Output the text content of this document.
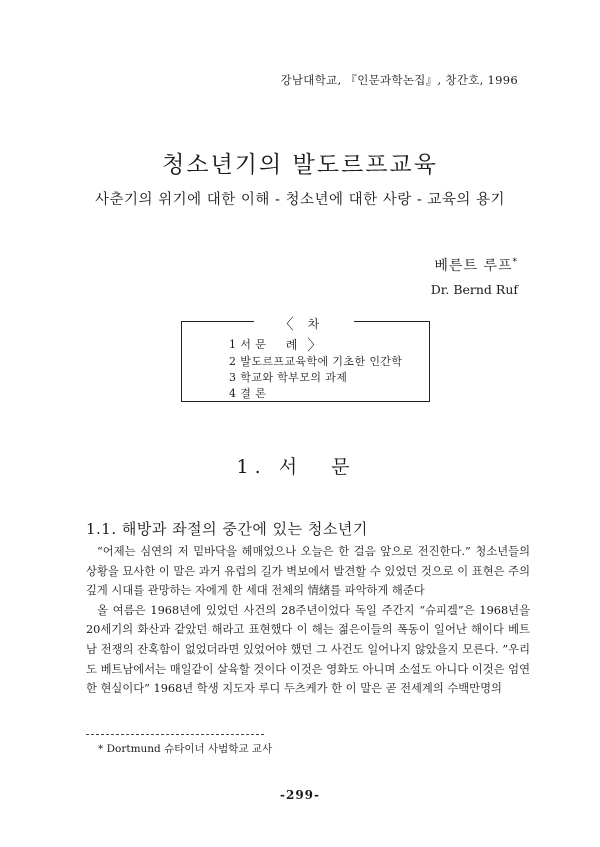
강남대학교, 『인문과학논집』, 창간호, 1996
청소년기의 발도르프교육
사춘기의 위기에 대한 이해 - 청소년에 대한 사랑 - 교육의 용기
베른트 루프*
Dr. Bernd Ruf
〈 차 례〉
1 서 문
2 발도르프교육학에 기초한 인간학
3 학교와 학부모의 과제
4 결 론
1. 서 문
1.1. 해방과 좌절의 중간에 있는 청소년기

“어제는 심연의 저 밑바닥을 헤매었으나 오늘은 한 걸음 앞으로 전진한다.” 청소년들의 상황을 묘사한 이 말은 과거 유럽의 길가 벽보에서 발견할 수 있었던 것으로 이 표현은 주의 깊게 시대를 관망하는 자에게 한 세대 전체의 情緖를 파악하게 해준다

올 여름은 1968년에 있었던 사건의 28주년이었다 독일 주간지 “슈피겔”은 1968년을 20세기의 화산과 같았던 해라고 표현했다 이 해는 젊은이들의 폭동이 일어난 해이다 베트남 전쟁의 잔혹함이 없었더라면 있었어야 했던 그 사건도 일어나지 않았을지 모른다. ”우리도 베트남에서는 매일같이 살육할 것이다 이것은 영화도 아니며 소설도 아니다 이것은 엄연한 현실이다” 1968년 학생 지도자 루디 두츠케가 한 이 말은 곧 전세계의 수백만명의

* Dortmund 슈타이너 사범학교 교사
-299-
